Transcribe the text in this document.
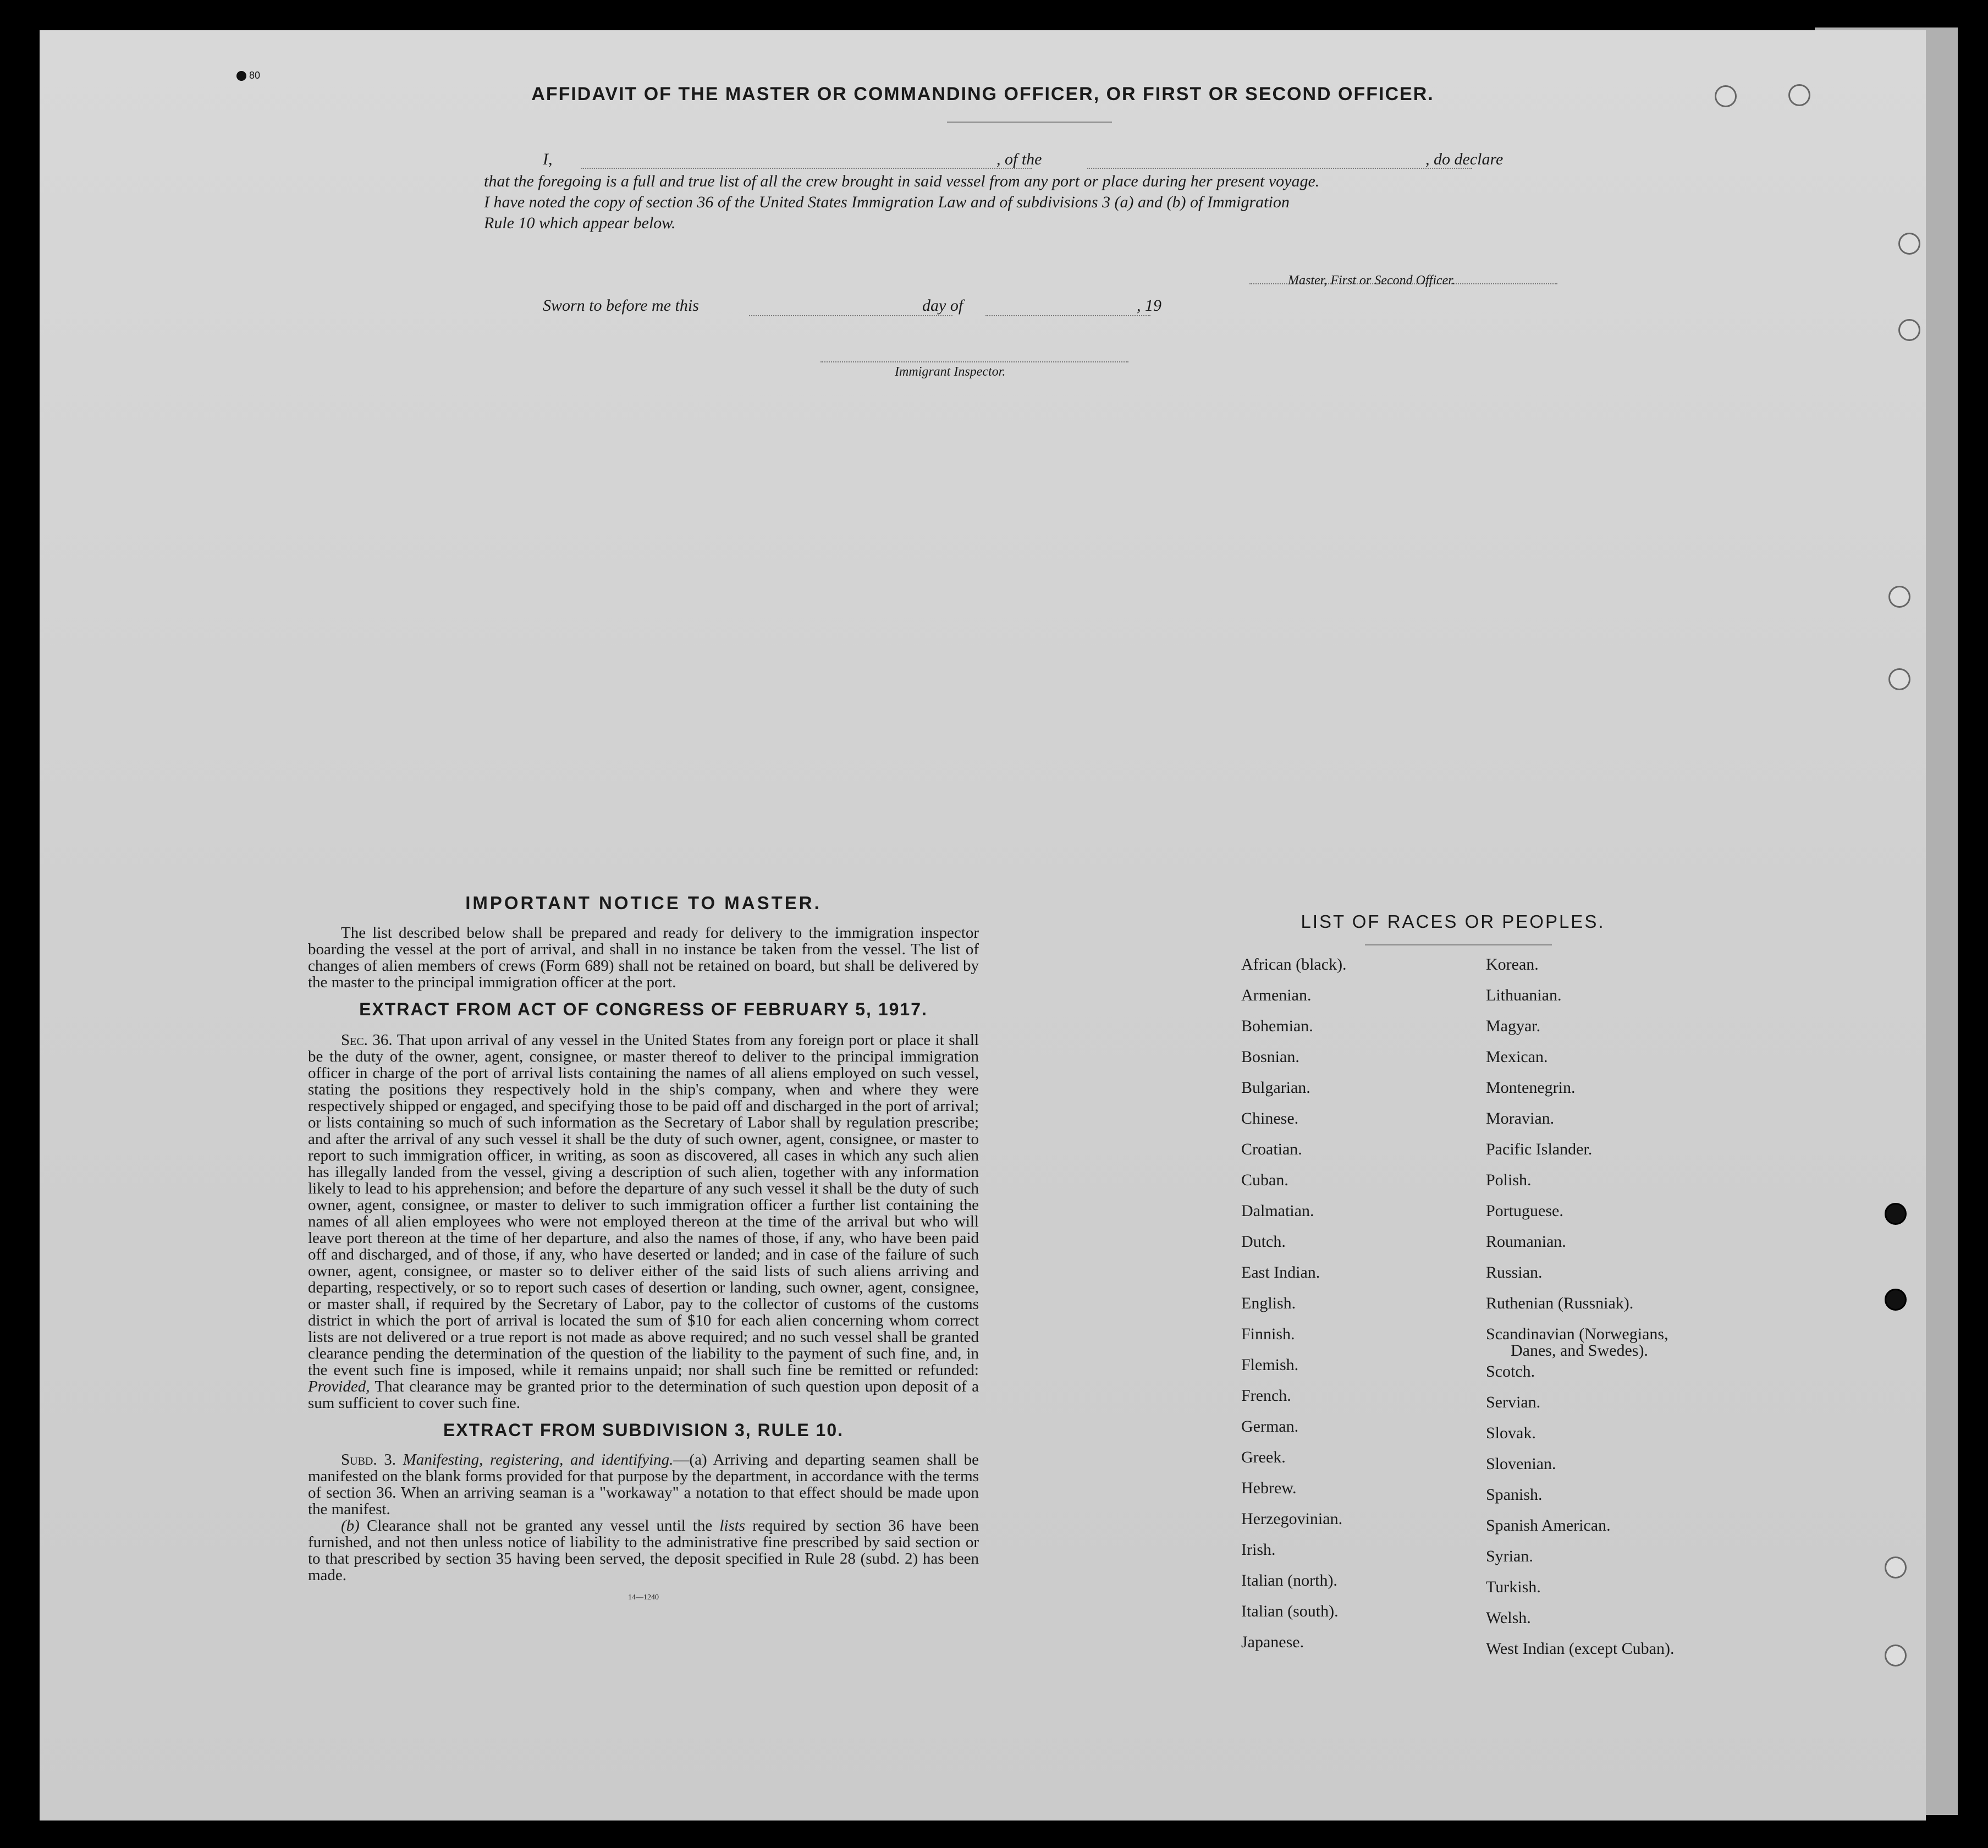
80
AFFIDAVIT OF THE MASTER OR COMMANDING OFFICER, OR FIRST OR SECOND OFFICER.
I,	, of the	, do declare
that the foregoing is a full and true list of all the crew brought in said vessel from any port or place during her present voyage.
I have noted the copy of section 36 of the United States Immigration Law and of subdivisions 3 (a) and (b) of Immigration
Rule 10 which appear below.
Master, First or Second Officer.
Sworn to before me this	day of	, 19
Immigrant Inspector.
IMPORTANT NOTICE TO MASTER.

The list described below shall be prepared and ready for delivery to the immigration inspector boarding the vessel at the port of arrival, and shall in no instance be taken from the vessel. The list of changes of alien members of crews (Form 689) shall not be retained on board, but shall be delivered by the master to the principal immigration officer at the port.

EXTRACT FROM ACT OF CONGRESS OF FEBRUARY 5, 1917.

Sec. 36. That upon arrival of any vessel in the United States from any foreign port or place it shall be the duty of the owner, agent, consignee, or master thereof to deliver to the principal immigration officer in charge of the port of arrival lists containing the names of all aliens employed on such vessel, stating the positions they respectively hold in the ship's company, when and where they were respectively shipped or engaged, and specifying those to be paid off and discharged in the port of arrival; or lists containing so much of such information as the Secretary of Labor shall by regulation prescribe; and after the arrival of any such vessel it shall be the duty of such owner, agent, consignee, or master to report to such immigration officer, in writing, as soon as discovered, all cases in which any such alien has illegally landed from the vessel, giving a description of such alien, together with any information likely to lead to his apprehension; and before the departure of any such vessel it shall be the duty of such owner, agent, consignee, or master to deliver to such immigration officer a further list containing the names of all alien employees who were not employed thereon at the time of the arrival but who will leave port thereon at the time of her departure, and also the names of those, if any, who have been paid off and discharged, and of those, if any, who have deserted or landed; and in case of the failure of such owner, agent, consignee, or master so to deliver either of the said lists of such aliens arriving and departing, respectively, or so to report such cases of desertion or landing, such owner, agent, consignee, or master shall, if required by the Secretary of Labor, pay to the collector of customs of the customs district in which the port of arrival is located the sum of $10 for each alien concerning whom correct lists are not delivered or a true report is not made as above required; and no such vessel shall be granted clearance pending the determination of the question of the liability to the payment of such fine, and, in the event such fine is imposed, while it remains unpaid; nor shall such fine be remitted or refunded: Provided, That clearance may be granted prior to the determination of such question upon deposit of a sum sufficient to cover such fine.

EXTRACT FROM SUBDIVISION 3, RULE 10.

Subd. 3. Manifesting, registering, and identifying.—(a) Arriving and departing seamen shall be manifested on the blank forms provided for that purpose by the department, in accordance with the terms of section 36. When an arriving seaman is a "workaway" a notation to that effect should be made upon the manifest.

(b) Clearance shall not be granted any vessel until the lists required by section 36 have been furnished, and not then unless notice of liability to the administrative fine prescribed by said section or to that prescribed by section 35 having been served, the deposit specified in Rule 28 (subd. 2) has been made.

14—1240
LIST OF RACES OR PEOPLES.
African (black).
Armenian.
Bohemian.
Bosnian.
Bulgarian.
Chinese.
Croatian.
Cuban.
Dalmatian.
Dutch.
East Indian.
English.
Finnish.
Flemish.
French.
German.
Greek.
Hebrew.
Herzegovinian.
Irish.
Italian (north).
Italian (south).
Japanese.
Korean.
Lithuanian.
Magyar.
Mexican.
Montenegrin.
Moravian.
Pacific Islander.
Polish.
Portuguese.
Roumanian.
Russian.
Ruthenian (Russniak).
Scandinavian (Norwegians,
Danes, and Swedes).
Scotch.
Servian.
Slovak.
Slovenian.
Spanish.
Spanish American.
Syrian.
Turkish.
Welsh.
West Indian (except Cuban).
